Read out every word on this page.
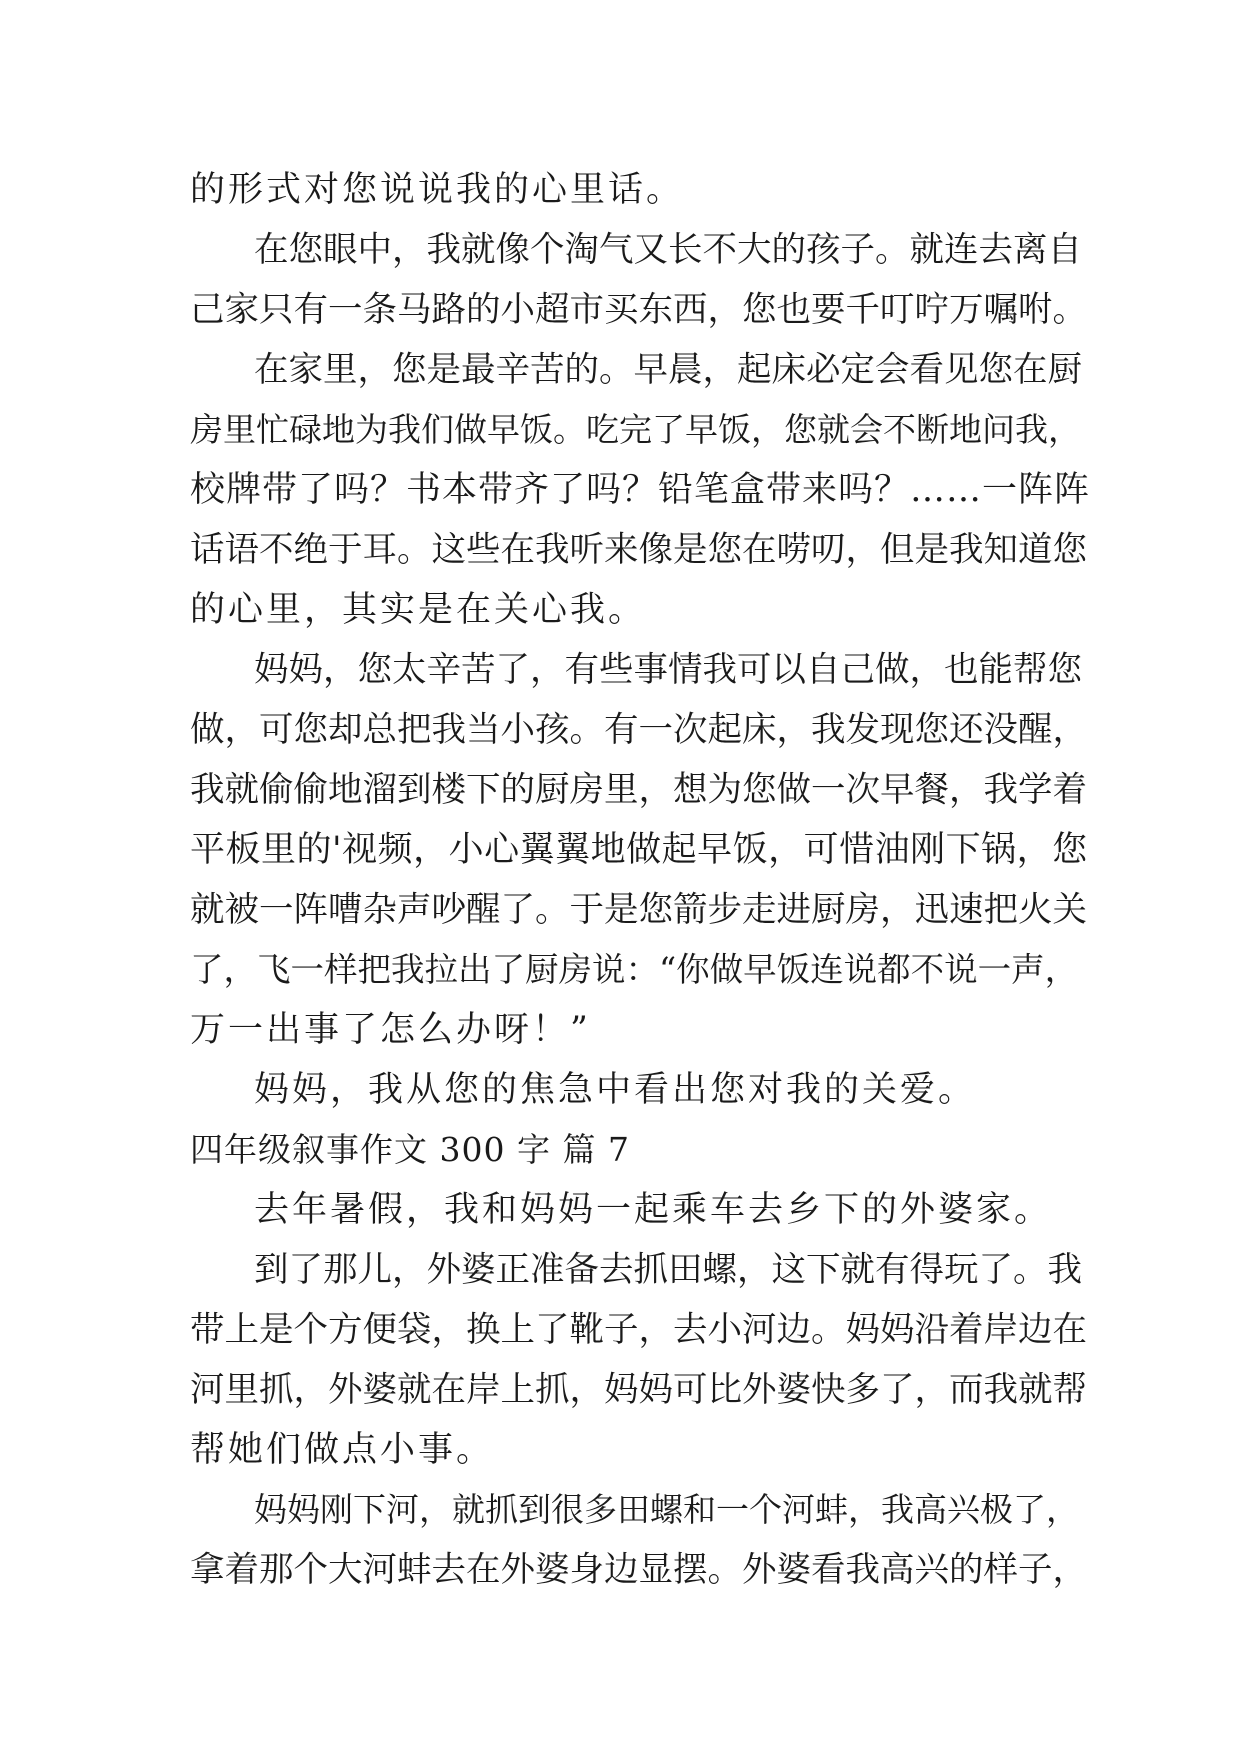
的形式对您说说我的心里话。
在您眼中，我就像个淘气又长不大的孩子。就连去离自
己家只有一条马路的小超市买东西，您也要千叮咛万嘱咐。
在家里，您是最辛苦的。早晨，起床必定会看见您在厨
房里忙碌地为我们做早饭。吃完了早饭，您就会不断地问我，
校牌带了吗？书本带齐了吗？铅笔盒带来吗？……一阵阵
话语不绝于耳。这些在我听来像是您在唠叨，但是我知道您
的心里，其实是在关心我。
妈妈，您太辛苦了，有些事情我可以自己做，也能帮您
做，可您却总把我当小孩。有一次起床，我发现您还没醒，
我就偷偷地溜到楼下的厨房里，想为您做一次早餐，我学着
平板里的'视频，小心翼翼地做起早饭，可惜油刚下锅，您
就被一阵嘈杂声吵醒了。于是您箭步走进厨房，迅速把火关
了，飞一样把我拉出了厨房说：“你做早饭连说都不说一声，
万一出事了怎么办呀！”
妈妈，我从您的焦急中看出您对我的关爱。
四年级叙事作文 300 字 篇 7
去年暑假，我和妈妈一起乘车去乡下的外婆家。
到了那儿，外婆正准备去抓田螺，这下就有得玩了。我
带上是个方便袋，换上了靴子，去小河边。妈妈沿着岸边在
河里抓，外婆就在岸上抓，妈妈可比外婆快多了，而我就帮
帮她们做点小事。
妈妈刚下河，就抓到很多田螺和一个河蚌，我高兴极了，
拿着那个大河蚌去在外婆身边显摆。外婆看我高兴的样子，
